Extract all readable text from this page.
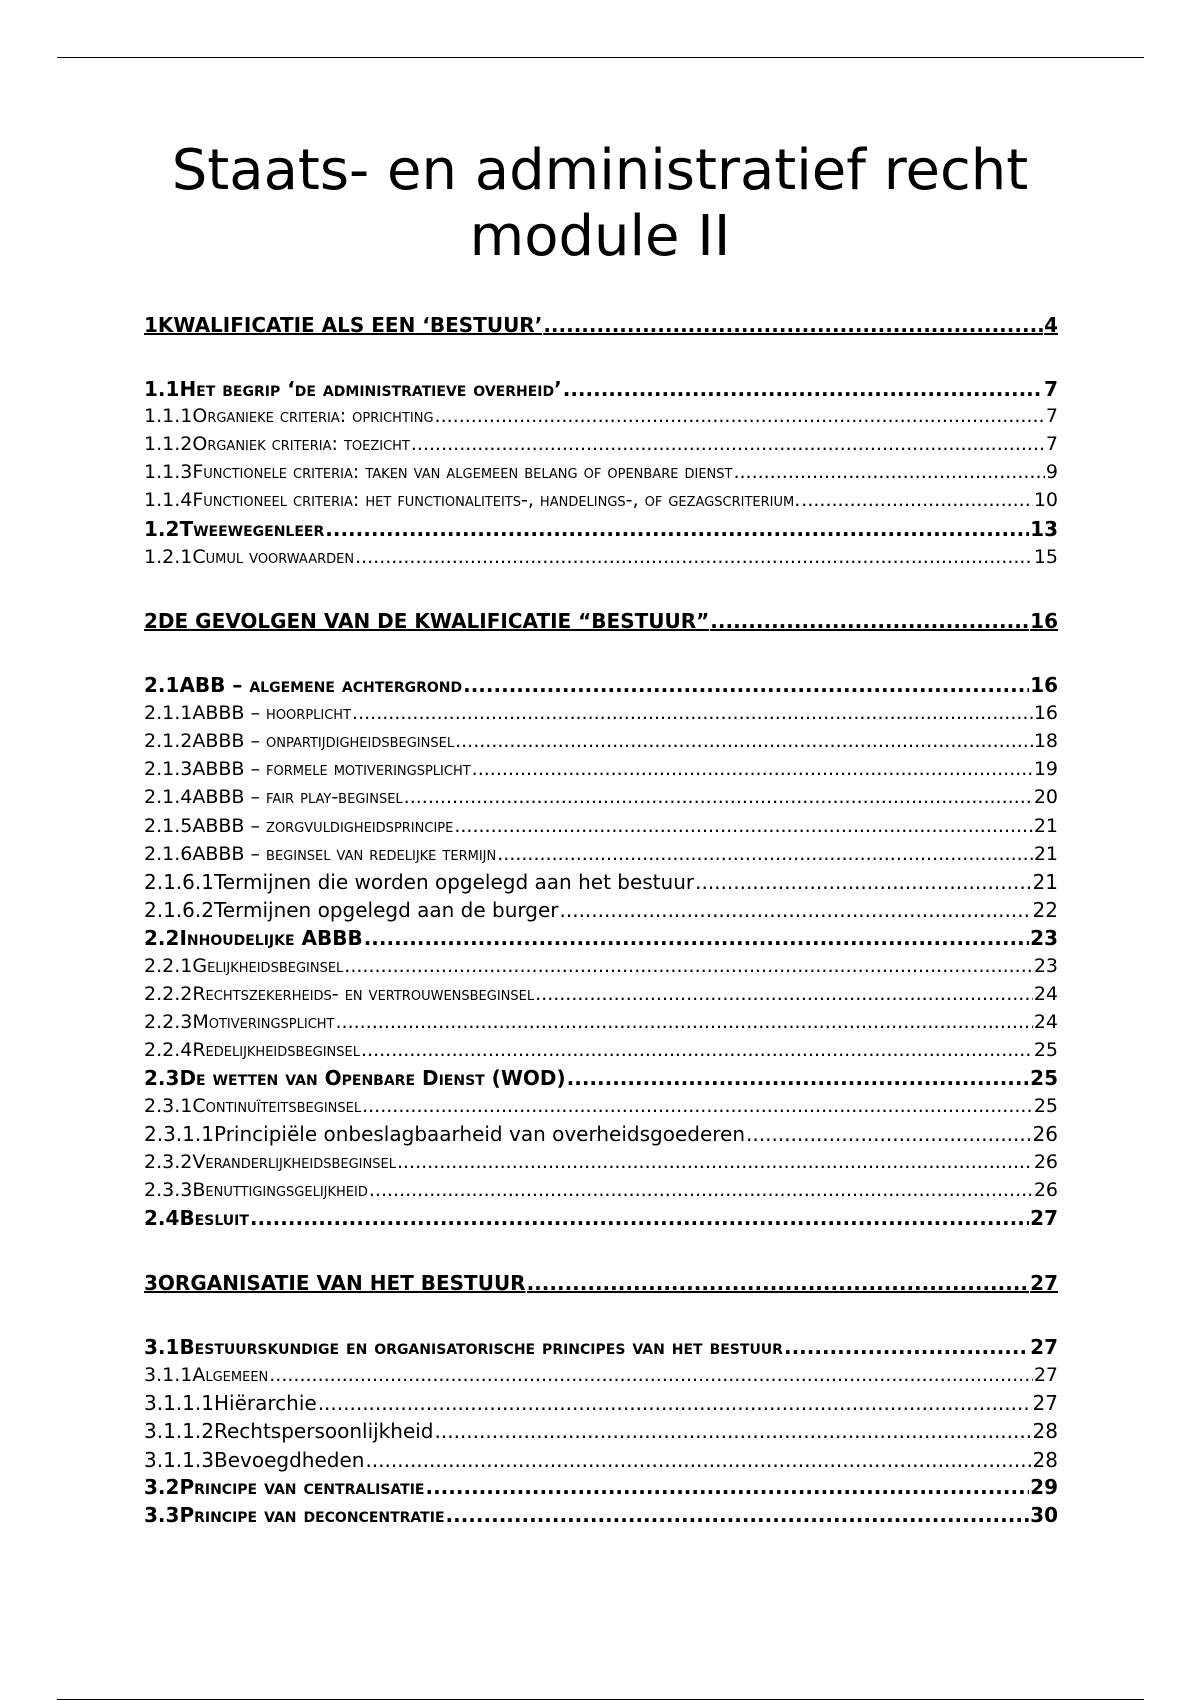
Staats- en administratief recht
module II
1 KWALIFICATIE ALS EEN ‘BESTUUR’ .....	4
1.1 Het begrip ‘de administratieve overheid’ .....	7
1.1.1 Organieke criteria: oprichting .....	7
1.1.2 Organiek criteria: toezicht .....	7
1.1.3 Functionele criteria: taken van algemeen belang of openbare dienst .....	9
1.1.4 Functioneel criteria: het functionaliteits-, handelings-, of gezagscriterium. .....	10
1.2 Tweewegenleer .....	13
1.2.1 Cumul voorwaarden .....	15
2 DE GEVOLGEN VAN DE KWALIFICATIE “BESTUUR” .....	16
2.1 ABB – algemene achtergrond .....	16
2.1.1 ABBB – hoorplicht .....	16
2.1.2 ABBB – onpartijdigheidsbeginsel .....	18
2.1.3 ABBB – formele motiveringsplicht .....	19
2.1.4 ABBB – fair play-beginsel .....	20
2.1.5 ABBB – zorgvuldigheidsprincipe .....	21
2.1.6 ABBB – beginsel van redelijke termijn .....	21
2.1.6.1 Termijnen die worden opgelegd aan het bestuur .....	21
2.1.6.2 Termijnen opgelegd aan de burger .....	22
2.2 Inhoudelijke ABBB .....	23
2.2.1 Gelijkheidsbeginsel .....	23
2.2.2 Rechtszekerheids- en vertrouwensbeginsel .....	24
2.2.3 Motiveringsplicht .....	24
2.2.4 Redelijkheidsbeginsel .....	25
2.3 De wetten van Openbare Dienst (WOD) .....	25
2.3.1 Continuïteitsbeginsel .....	25
2.3.1.1 Principiële onbeslagbaarheid van overheidsgoederen .....	26
2.3.2 Veranderlijkheidsbeginsel .....	26
2.3.3 Benuttigingsgelijkheid .....	26
2.4 Besluit .....	27
3 ORGANISATIE VAN HET BESTUUR .....	27
3.1 Bestuurskundige en organisatorische principes van het bestuur .....	27
3.1.1 Algemeen .....	27
3.1.1.1 Hiërarchie .....	27
3.1.1.2 Rechtspersoonlijkheid .....	28
3.1.1.3 Bevoegdheden .....	28
3.2 Principe van centralisatie .....	29
3.3 Principe van deconcentratie .....	30
